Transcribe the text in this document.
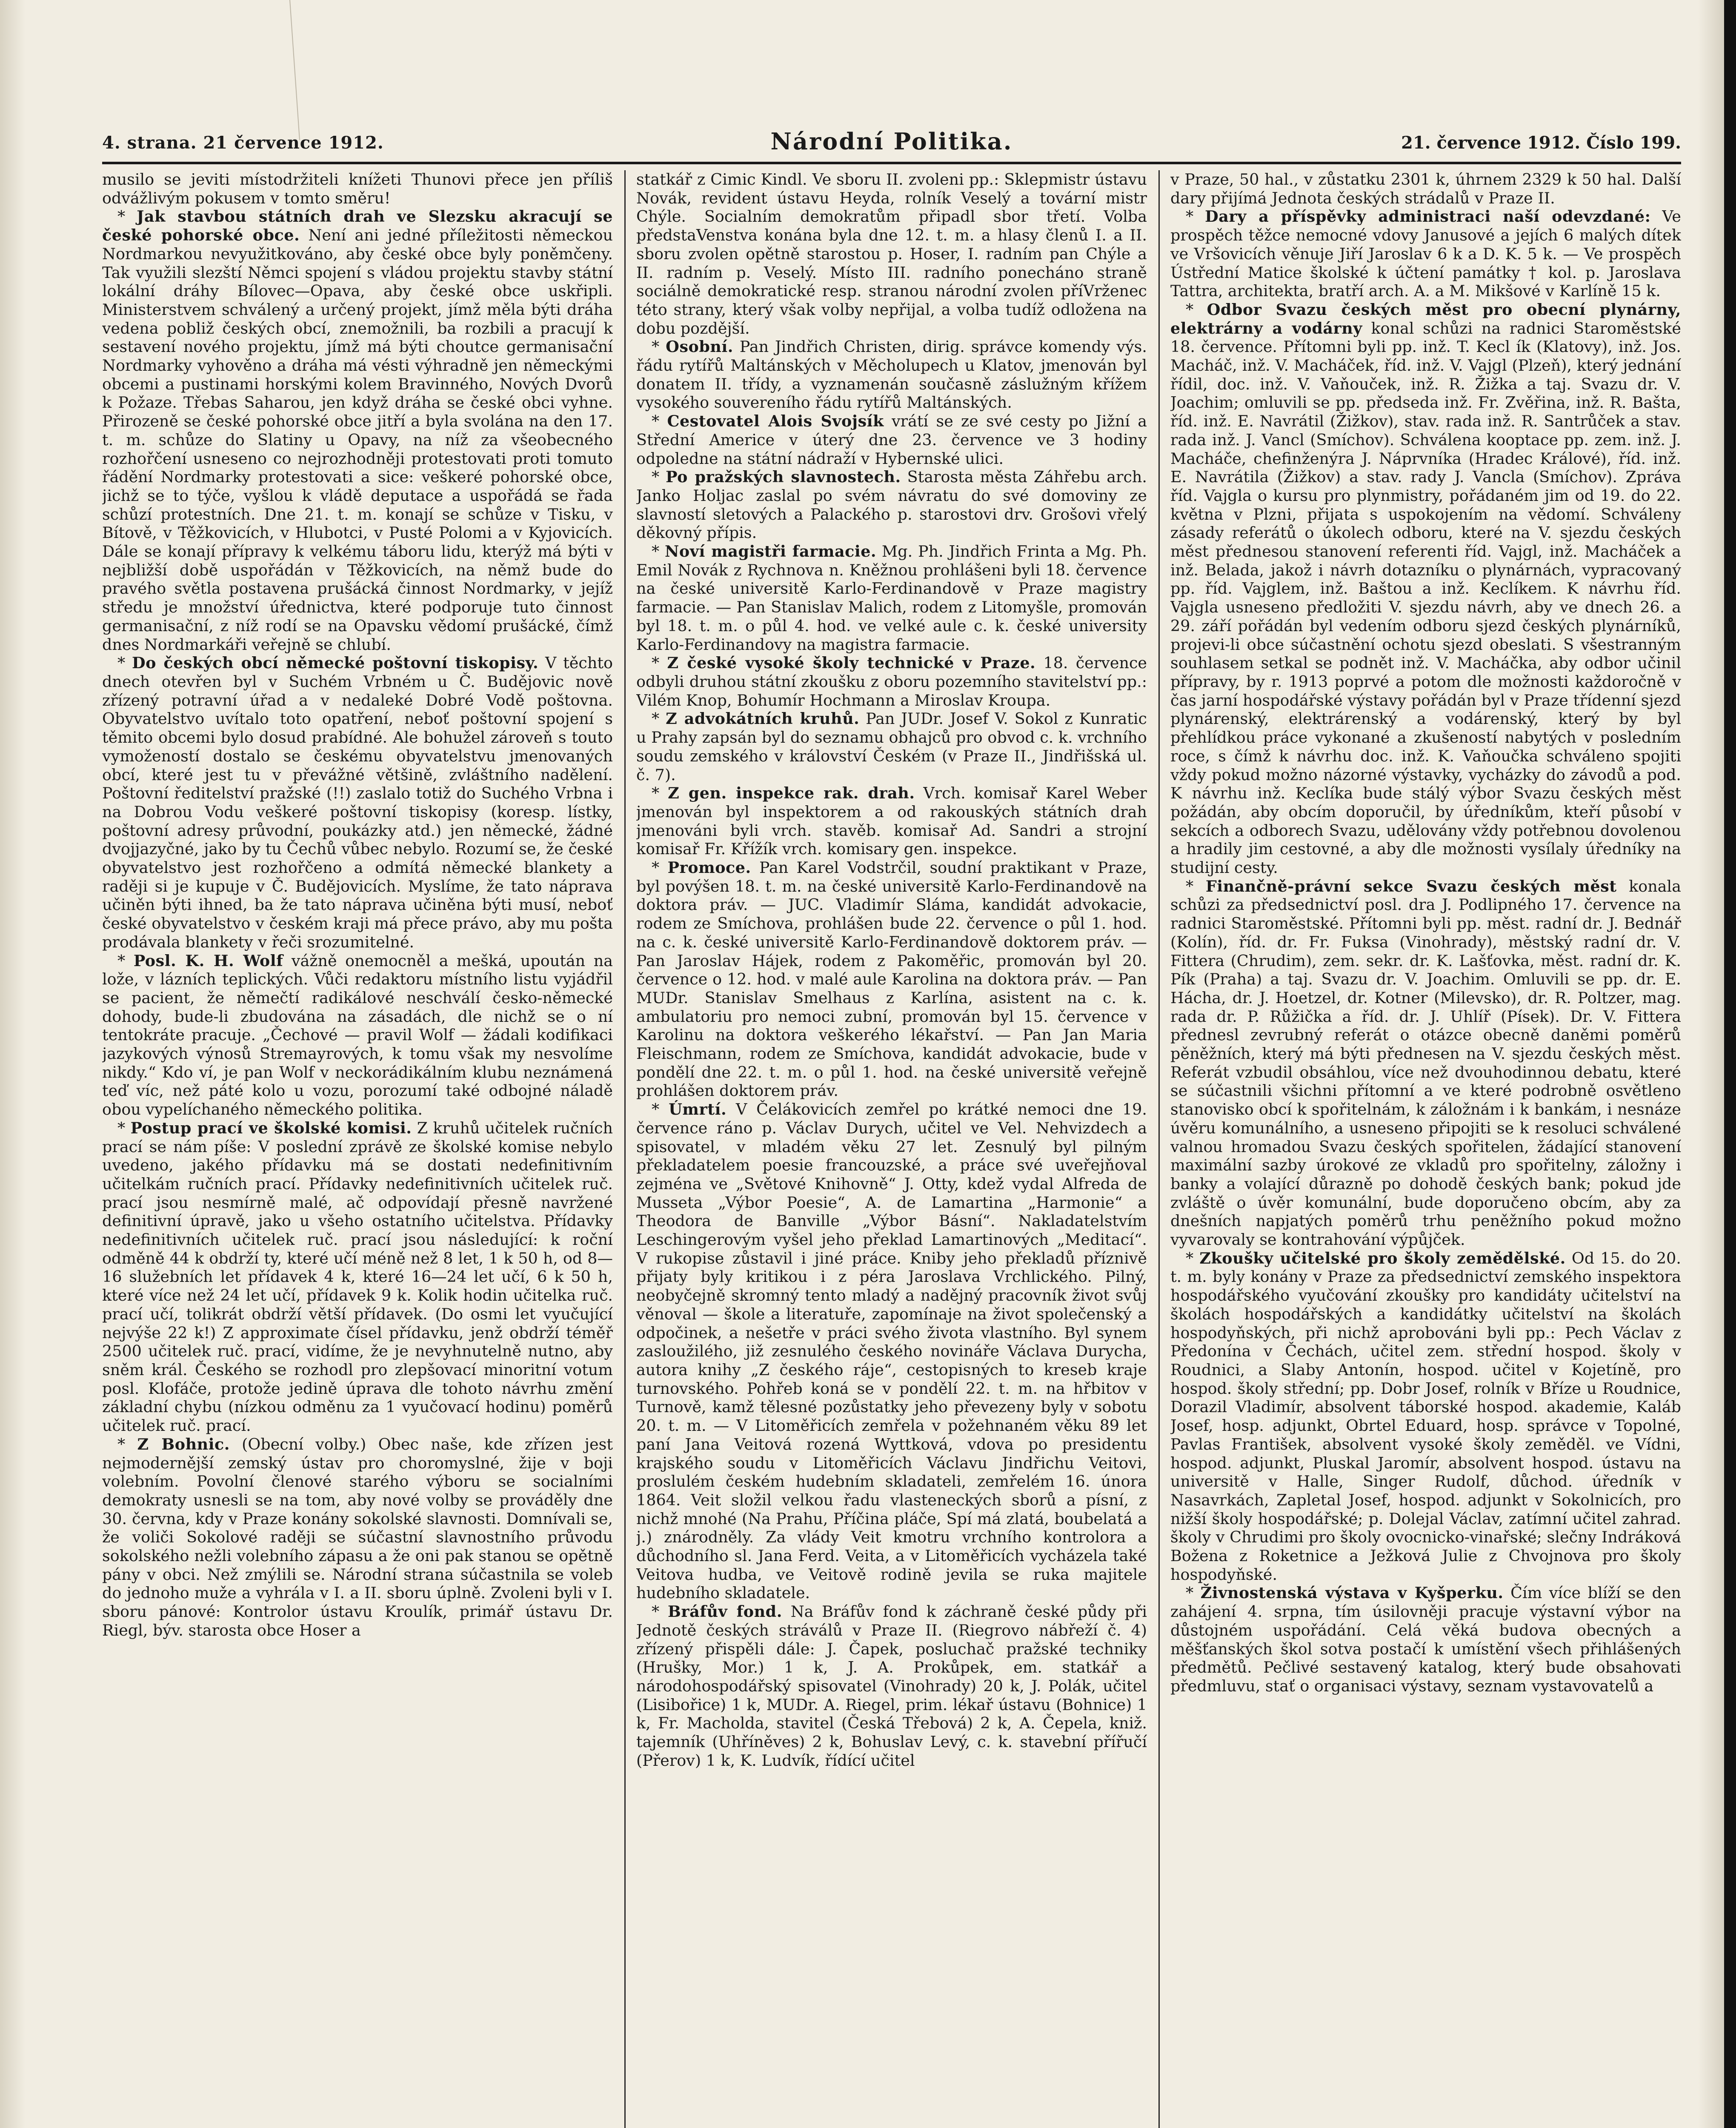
4. strana. 21 července 1912.	Národní Politika.	21. července 1912. Číslo 199.

musilo se jeviti místodržiteli knížeti Thunovi přece jen příliš odvážlivým pokusem v tomto směru!

* Jak stavbou státních drah ve Slezsku akracují se české pohorské obce. Není ani jedné příležitosti německou Nordmarkou nevyužitkováno, aby české obce byly poněmčeny. Tak využili slezští Němci spojení s vládou projektu stavby státní lokální dráhy Bílovec—Opava, aby české obce uskřipli. Ministerstvem schválený a určený projekt, jímž měla býti dráha vedena pobliž českých obcí, znemožnili, ba rozbili a pracují k sestavení nového projektu, jímž má býti choutce germanisační Nordmarky vyhověno a dráha má vésti výhradně jen německými obcemi a pustinami horskými kolem Bravinného, Nových Dvorů k Požaze. Třebas Saharou, jen když dráha se české obci vyhne. Přirozeně se české pohorské obce jitří a byla svolána na den 17. t. m. schůze do Slatiny u Opavy, na níž za všeobecného rozhořčení usneseno co nejrozhodněji protestovati proti tomuto řádění Nordmarky protestovati a sice: veškeré pohorské obce, jichž se to týče, vyšlou k vládě deputace a uspořádá se řada schůzí protestních. Dne 21. t. m. konají se schůze v Tisku, v Bítově, v Těžkovicích, v Hlubotci, v Pusté Polomi a v Kyjovicích. Dále se konají přípravy k velkému táboru lidu, kterýž má býti v nejbližší době uspořádán v Těžkovicích, na němž bude do pravého světla postavena prušácká činnost Nordmarky, v jejíž středu je množství úřednictva, které podporuje tuto činnost germanisační, z níž rodí se na Opavsku vědomí prušácké, čímž dnes Nordmarkáři veřejně se chlubí.

* Do českých obcí německé poštovní tiskopisy. V těchto dnech otevřen byl v Suchém Vrbném u Č. Budějovic nově zřízený potravní úřad a v nedaleké Dobré Vodě poštovna. Obyvatelstvo uvítalo toto opatření, neboť poštovní spojení s těmito obcemi bylo dosud prabídné. Ale bohužel zároveň s touto vymožeností dostalo se českému obyvatelstvu jmenovaných obcí, které jest tu v převážné většině, zvláštního nadělení. Poštovní ředitelství pražské (!!) zaslalo totiž do Suchého Vrbna i na Dobrou Vodu veškeré poštovní tiskopisy (koresp. lístky, poštovní adresy průvodní, poukázky atd.) jen německé, žádné dvojjazyčné, jako by tu Čechů vůbec nebylo. Rozumí se, že české obyvatelstvo jest rozhořčeno a odmítá německé blankety a raději si je kupuje v Č. Budějovicích. Myslíme, že tato náprava učiněn býti ihned, ba že tato náprava učiněna býti musí, neboť české obyvatelstvo v českém kraji má přece právo, aby mu pošta prodávala blankety v řeči srozumitelné.

* Posl. K. H. Wolf vážně onemocněl a mešká, upoután na lože, v lázních teplických. Vůči redaktoru místního listu vyjádřil se pacient, že němečtí radikálové neschválí česko-německé dohody, bude-li zbudována na zásadách, dle nichž se o ní tentokráte pracuje. „Čechové — pravil Wolf — žádali kodifikaci jazykových výnosů Stremayrových, k tomu však my nesvolíme nikdy.“ Kdo ví, je pan Wolf v neckorádikálním klubu neznámená teď víc, než páté kolo u vozu, porozumí také odbojné náladě obou vypelíchaného německého politika.

* Postup prací ve školské komisi. Z kruhů učitelek ručních prací se nám píše: V poslední zprávě ze školské komise nebylo uvedeno, jakého přídavku má se dostati nedefinitivním učitelkám ručních prací. Přídavky nedefinitivních učitelek ruč. prací jsou nesmírně malé, ač odpovídají přesně navržené definitivní úpravě, jako u všeho ostatního učitelstva. Přídavky nedefinitivních učitelek ruč. prací jsou následující: k roční odměně 44 k obdrží ty, které učí méně než 8 let, 1 k 50 h, od 8—16 služebních let přídavek 4 k, které 16—24 let učí, 6 k 50 h, které více než 24 let učí, přídavek 9 k. Kolik hodin učitelka ruč. prací učí, tolikrát obdrží větší přídavek. (Do osmi let vyučující nejvýše 22 k!) Z approximate čísel přídavku, jenž obdrží téměř 2500 učitelek ruč. prací, vidíme, že je nevyhnutelně nutno, aby sněm král. Českého se rozhodl pro zlepšovací minoritní votum posl. Klofáče, protože jedině úprava dle tohoto návrhu změní základní chybu (nízkou odměnu za 1 vyučovací hodinu) poměrů učitelek ruč. prací.

* Z Bohnic. (Obecní volby.) Obec naše, kde zřízen jest nejmodernější zemský ústav pro choromyslné, žije v boji volebním. Povolní členové starého výboru se socialními demokraty usnesli se na tom, aby nové volby se prováděly dne 30. června, kdy v Praze konány sokolské slavnosti. Domnívali se, že voliči Sokolové raději se súčastní slavnostního průvodu sokolského nežli volebního zápasu a že oni pak stanou se opětně pány v obci. Než zmýlili se. Národní strana súčastnila se voleb do jednoho muže a vyhrála v I. a II. sboru úplně. Zvoleni byli v I. sboru pánové: Kontrolor ústavu Kroulík, primář ústavu Dr. Riegl, býv. starosta obce Hoser a

statkář z Cimic Kindl. Ve sboru II. zvoleni pp.: Sklepmistr ústavu Novák, revident ústavu Heyda, rolník Veselý a tovární mistr Chýle. Socialním demokratům připadl sbor třetí. Volba předstaVenstva konána byla dne 12. t. m. a hlasy členů I. a II. sboru zvolen opětně starostou p. Hoser, I. radním pan Chýle a II. radním p. Veselý. Místo III. radního ponecháno straně sociálně demokratické resp. stranou národní zvolen příVrženec této strany, který však volby nepřijal, a volba tudíž odložena na dobu pozdější.

* Osobní. Pan Jindřich Christen, dirig. správce komendy výs. řádu rytířů Maltánských v Měcholupech u Klatov, jmenován byl donatem II. třídy, a vyznamenán současně záslužným křížem vysokého souvereního řádu rytířů Maltánských.

* Cestovatel Alois Svojsík vrátí se ze své cesty po Jižní a Střední Americe v úterý dne 23. července ve 3 hodiny odpoledne na státní nádraží v Hybernské ulici.

* Po pražských slavnostech. Starosta města Záhřebu arch. Janko Holjac zaslal po svém návratu do své domoviny ze slavností sletových a Palackého p. starostovi drv. Grošovi vřelý děkovný přípis.

* Noví magistři farmacie. Mg. Ph. Jindřich Frinta a Mg. Ph. Emil Novák z Rychnova n. Kněžnou prohlášeni byli 18. července na české universitě Karlo-Ferdinandově v Praze magistry farmacie. — Pan Stanislav Malich, rodem z Litomyšle, promován byl 18. t. m. o půl 4. hod. ve velké aule c. k. české university Karlo-Ferdinandovy na magistra farmacie.

* Z české vysoké školy technické v Praze. 18. července odbyli druhou státní zkoušku z oboru pozemního stavitelství pp.: Vilém Knop, Bohumír Hochmann a Miroslav Kroupa.

* Z advokátních kruhů. Pan JUDr. Josef V. Sokol z Kunratic u Prahy zapsán byl do seznamu obhajců pro obvod c. k. vrchního soudu zemského v království Českém (v Praze II., Jindřišská ul. č. 7).

* Z gen. inspekce rak. drah. Vrch. komisař Karel Weber jmenován byl inspektorem a od rakouských státních drah jmenováni byli vrch. stavěb. komisař Ad. Sandri a strojní komisař Fr. Křížík vrch. komisary gen. inspekce.

* Promoce. Pan Karel Vodstrčil, soudní praktikant v Praze, byl povýšen 18. t. m. na české universitě Karlo-Ferdinandově na doktora práv. — JUC. Vladimír Sláma, kandidát advokacie, rodem ze Smíchova, prohlášen bude 22. července o půl 1. hod. na c. k. české universitě Karlo-Ferdinandově doktorem práv. — Pan Jaroslav Hájek, rodem z Pakoměřic, promován byl 20. července o 12. hod. v malé aule Karolina na doktora práv. — Pan MUDr. Stanislav Smelhaus z Karlína, asistent na c. k. ambulatoriu pro nemoci zubní, promován byl 15. července v Karolinu na doktora veškerého lékařství. — Pan Jan Maria Fleischmann, rodem ze Smíchova, kandidát advokacie, bude v pondělí dne 22. t. m. o půl 1. hod. na české universitě veřejně prohlášen doktorem práv.

* Úmrtí. V Čelákovicích zemřel po krátké nemoci dne 19. července ráno p. Václav Durych, učitel ve Vel. Nehvizdech a spisovatel, v mladém věku 27 let. Zesnulý byl pilným překladatelem poesie francouzské, a práce své uveřejňoval zejména ve „Světové Knihovně“ J. Otty, kdež vydal Alfreda de Musseta „Výbor Poesie“, A. de Lamartina „Harmonie“ a Theodora de Banville „Výbor Básní“. Nakladatelstvím Leschingerovým vyšel jeho překlad Lamartinových „Meditací“. V rukopise zůstavil i jiné práce. Kniby jeho překladů příznivě přijaty byly kritikou i z péra Jaroslava Vrchlického. Pilný, neobyčejně skromný tento mladý a nadějný pracovník život svůj věnoval — škole a literatuře, zapomínaje na život společenský a odpočinek, a nešetře v práci svého života vlastního. Byl synem zasloužilého, již zesnulého českého novináře Václava Durycha, autora knihy „Z českého ráje“, cestopisných to kreseb kraje turnovského. Pohřeb koná se v pondělí 22. t. m. na hřbitov v Turnově, kamž tělesné pozůstatky jeho převezeny byly v sobotu 20. t. m. — V Litoměřicích zemřela v požehnaném věku 89 let paní Jana Veitová rozená Wyttková, vdova po presidentu krajského soudu v Litoměřicích Václavu Jindřichu Veitovi, proslulém českém hudebním skladateli, zemřelém 16. února 1864. Veit složil velkou řadu vlasteneckých sborů a písní, z nichž mnohé (Na Prahu, Příčina pláče, Spí má zlatá, boubelatá a j.) znárodněly. Za vlády Veit kmotru vrchního kontrolora a důchodního sl. Jana Ferd. Veita, a v Litoměřicích vycházela také Veitova hudba, ve Veitově rodině jevila se ruka majitele hudebního skladatele.

* Bráfův fond. Na Bráfův fond k záchraně české půdy při Jednotě českých stráválů v Praze II. (Riegrovo nábřeží č. 4) zřízený přispěli dále: J. Čapek, posluchač pražské techniky (Hrušky, Mor.) 1 k, J. A. Prokůpek, em. statkář a národohospodářský spisovatel (Vinohrady) 20 k, J. Polák, učitel (Lisibořice) 1 k, MUDr. A. Riegel, prim. lékař ústavu (Bohnice) 1 k, Fr. Macholda, stavitel (Česká Třebová) 2 k, A. Čepela, kniž. tajemník (Uhříněves) 2 k, Bohuslav Levý, c. k. stavební přířučí (Přerov) 1 k, K. Ludvík, řídící učitel

v Praze, 50 hal., v zůstatku 2301 k, úhrnem 2329 k 50 hal. Další dary přijímá Jednota českých strádalů v Praze II.

* Dary a příspěvky administraci naší odevzdané: Ve prospěch těžce nemocné vdovy Janusové a jejích 6 malých dítek ve Vršovicích věnuje Jiří Jaroslav 6 k a D. K. 5 k. — Ve prospěch Ústřední Matice školské k účtení památky † kol. p. Jaroslava Tattra, architekta, bratří arch. A. a M. Mikšové v Karlíně 15 k.

* Odbor Svazu českých měst pro obecní plynárny, elektrárny a vodárny konal schůzi na radnici Staroměstské 18. července. Přítomni byli pp. inž. T. Kecl ík (Klatovy), inž. Jos. Macháč, inž. V. Macháček, říd. inž. V. Vajgl (Plzeň), který jednání řídil, doc. inž. V. Vaňouček, inž. R. Žižka a taj. Svazu dr. V. Joachim; omluvili se pp. předseda inž. Fr. Zvěřina, inž. R. Bašta, říd. inž. E. Navrátil (Žižkov), stav. rada inž. R. Santrůček a stav. rada inž. J. Vancl (Smíchov). Schválena kooptace pp. zem. inž. J. Macháče, chefinženýra J. Náprvníka (Hradec Králové), říd. inž. E. Navrátila (Žižkov) a stav. rady J. Vancla (Smíchov). Zpráva říd. Vajgla o kursu pro plynmistry, pořádaném jim od 19. do 22. května v Plzni, přijata s uspokojením na vědomí. Schváleny zásady referátů o úkolech odboru, které na V. sjezdu českých měst přednesou stanovení referenti říd. Vajgl, inž. Macháček a inž. Belada, jakož i návrh dotazníku o plynárnách, vypracovaný pp. říd. Vajglem, inž. Baštou a inž. Keclíkem. K návrhu říd. Vajgla usneseno předložiti V. sjezdu návrh, aby ve dnech 26. a 29. září pořádán byl vedením odboru sjezd českých plynárníků, projevi-li obce súčastnění ochotu sjezd obeslati. S všestranným souhlasem setkal se podnět inž. V. Macháčka, aby odbor učinil přípravy, by r. 1913 poprvé a potom dle možnosti každoročně v čas jarní hospodářské výstavy pořádán byl v Praze třídenní sjezd plynárenský, elektrárenský a vodárenský, který by byl přehlídkou práce vykonané a zkušeností nabytých v posledním roce, s čímž k návrhu doc. inž. K. Vaňoučka schváleno spojiti vždy pokud možno názorné výstavky, vycházky do závodů a pod. K návrhu inž. Keclíka bude stálý výbor Svazu českých měst požádán, aby obcím doporučil, by úředníkům, kteří působí v sekcích a odborech Svazu, udělovány vždy potřebnou dovolenou a hradily jim cestovné, a aby dle možnosti vysílaly úředníky na studijní cesty.

* Finančně-právní sekce Svazu českých měst konala schůzi za předsednictví posl. dra J. Podlipného 17. července na radnici Staroměstské. Přítomni byli pp. měst. radní dr. J. Bednář (Kolín), říd. dr. Fr. Fuksa (Vinohrady), městský radní dr. V. Fittera (Chrudim), zem. sekr. dr. K. Lašťovka, měst. radní dr. K. Pík (Praha) a taj. Svazu dr. V. Joachim. Omluvili se pp. dr. E. Hácha, dr. J. Hoetzel, dr. Kotner (Milevsko), dr. R. Poltzer, mag. rada dr. P. Růžička a říd. dr. J. Uhlíř (Písek). Dr. V. Fittera přednesl zevrubný referát o otázce obecně daněmi poměrů pěněžních, který má býti přednesen na V. sjezdu českých měst. Referát vzbudil obsáhlou, více než dvouhodinnou debatu, které se súčastnili všichni přítomní a ve které podrobně osvětleno stanovisko obcí k spořitelnám, k záložnám i k bankám, i nesnáze úvěru komunálního, a usneseno připojiti se k resoluci schválené valnou hromadou Svazu českých spořitelen, žádající stanovení maximální sazby úrokové ze vkladů pro spořitelny, záložny i banky a volající důrazně po dohodě českých bank; pokud jde zvláště o úvěr komunální, bude doporučeno obcím, aby za dnešních napjatých poměrů trhu peněžního pokud možno vyvarovaly se kontrahování výpůjček.

* Zkoušky učitelské pro školy zemědělské. Od 15. do 20. t. m. byly konány v Praze za předsednictví zemského inspektora hospodářského vyučování zkoušky pro kandidáty učitelství na školách hospodářských a kandidátky učitelství na školách hospodyňských, při nichž aprobováni byli pp.: Pech Václav z Předonína v Čechách, učitel zem. střední hospod. školy v Roudnici, a Slaby Antonín, hospod. učitel v Kojetíně, pro hospod. školy střední; pp. Dobr Josef, rolník v Bříze u Roudnice, Dorazil Vladimír, absolvent táborské hospod. akademie, Kaláb Josef, hosp. adjunkt, Obrtel Eduard, hosp. správce v Topolné, Pavlas František, absolvent vysoké školy zeměděl. ve Vídni, hospod. adjunkt, Pluskal Jaromír, absolvent hospod. ústavu na universitě v Halle, Singer Rudolf, důchod. úředník v Nasavrkách, Zapletal Josef, hospod. adjunkt v Sokolnicích, pro nižší školy hospodářské; p. Dolejal Václav, zatímní učitel zahrad. školy v Chrudimi pro školy ovocnicko-vinařské; slečny Indráková Božena z Roketnice a Ježková Julie z Chvojnova pro školy hospodyňské.

* Živnostenská výstava v Kyšperku. Čím více blíží se den zahájení 4. srpna, tím úsilovněji pracuje výstavní výbor na důstojném uspořádání. Celá věká budova obecných a měšťanských škol sotva postačí k umístění všech přihlášených předmětů. Pečlivé sestavený katalog, který bude obsahovati předmluvu, stať o organisaci výstavy, seznam vystavovatelů a
